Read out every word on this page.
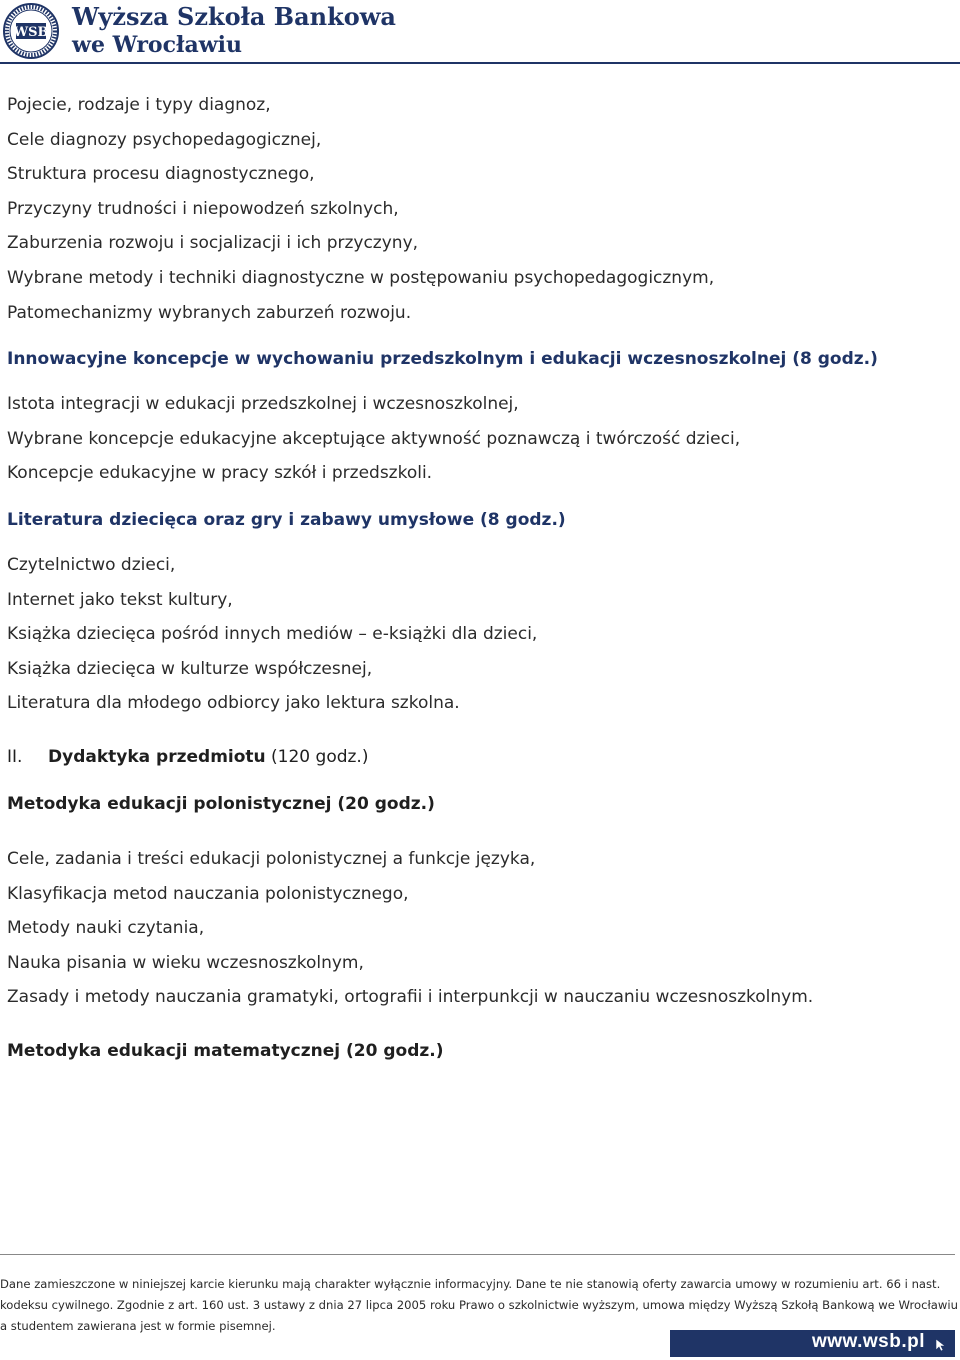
WSB
Wyższa Szkoła Bankowa
we Wrocławiu
Pojecie, rodzaje i typy diagnoz,
Cele diagnozy psychopedagogicznej,
Struktura procesu diagnostycznego,
Przyczyny trudności i niepowodzeń szkolnych,
Zaburzenia rozwoju i socjalizacji i ich przyczyny,
Wybrane metody i techniki diagnostyczne w postępowaniu psychopedagogicznym,
Patomechanizmy wybranych zaburzeń rozwoju.
Innowacyjne koncepcje w wychowaniu przedszkolnym i edukacji wczesnoszkolnej (8 godz.)
Istota integracji w edukacji przedszkolnej i wczesnoszkolnej,
Wybrane koncepcje edukacyjne akceptujące aktywność poznawczą i twórczość dzieci,
Koncepcje edukacyjne w pracy szkół i przedszkoli.
Literatura dziecięca oraz gry i zabawy umysłowe (8 godz.)
Czytelnictwo dzieci,
Internet jako tekst kultury,
Książka dziecięca pośród innych mediów – e-książki dla dzieci,
Książka dziecięca w kulturze współczesnej,
Literatura dla młodego odbiorcy jako lektura szkolna.
II. Dydaktyka przedmiotu (120 godz.)
Metodyka edukacji polonistycznej (20 godz.)
Cele, zadania i treści edukacji polonistycznej a funkcje języka,
Klasyfikacja metod nauczania polonistycznego,
Metody nauki czytania,
Nauka pisania w wieku wczesnoszkolnym,
Zasady i metody nauczania gramatyki, ortografii i interpunkcji w nauczaniu wczesnoszkolnym.
Metodyka edukacji matematycznej (20 godz.)
Dane zamieszczone w niniejszej karcie kierunku mają charakter wyłącznie informacyjny. Dane te nie stanowią oferty zawarcia umowy w rozumieniu art. 66 i nast.
kodeksu cywilnego. Zgodnie z art. 160 ust. 3 ustawy z dnia 27 lipca 2005 roku Prawo o szkolnictwie wyższym, umowa między Wyższą Szkołą Bankową we Wrocławiu
a studentem zawierana jest w formie pisemnej.
www.wsb.pl
